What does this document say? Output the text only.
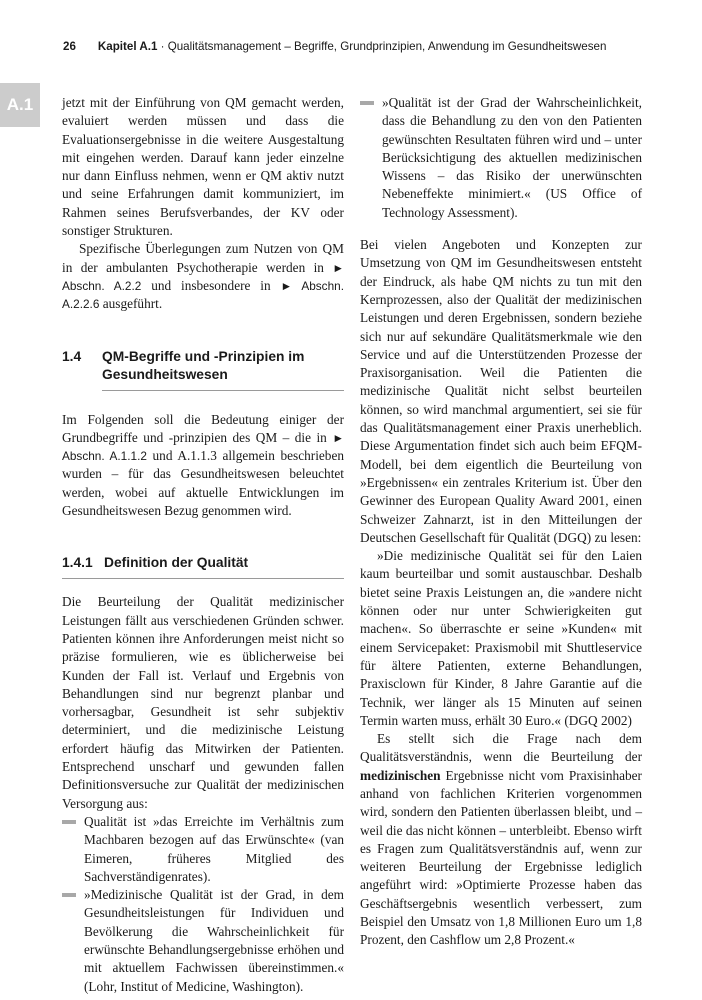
26 Kapitel A.1 · Qualitätsmanagement – Begriffe, Grundprinzipien, Anwendung im Gesundheitswesen
A.1	jetzt mit der Einführung von QM gemacht werden, evaluiert werden müssen und dass die Evaluationsergebnisse in die weitere Ausgestaltung mit eingehen werden. Darauf kann jeder einzelne nur dann Einfluss nehmen, wenn er QM aktiv nutzt und seine Erfahrungen damit kommuniziert, im Rahmen seines Berufsverbandes, der KV oder sonstiger Strukturen.

Spezifische Überlegungen zum Nutzen von QM in der ambulanten Psychotherapie werden in ► Abschn. A.2.2 und insbesondere in ► Abschn. A.2.2.6 ausgeführt.

1.4	QM-Begriffe und -Prinzipien im Gesundheitswesen

Im Folgenden soll die Bedeutung einiger der Grundbegriffe und -prinzipien des QM – die in ► Abschn. A.1.1.2 und A.1.1.3 allgemein beschrieben wurden – für das Gesundheitswesen beleuchtet werden, wobei auf aktuelle Entwicklungen im Gesundheitswesen Bezug genommen wird.

1.4.1 Definition der Qualität

Die Beurteilung der Qualität medizinischer Leistungen fällt aus verschiedenen Gründen schwer. Patienten können ihre Anforderungen meist nicht so präzise formulieren, wie es üblicherweise bei Kunden der Fall ist. Verlauf und Ergebnis von Behandlungen sind nur begrenzt planbar und vorhersagbar, Gesundheit ist sehr subjektiv determiniert, und die medizinische Leistung erfordert häufig das Mitwirken der Patienten. Entsprechend unscharf und gewunden fallen Definitionsversuche zur Qualität der medizinischen Versorgung aus:

Qualität ist »das Erreichte im Verhältnis zum Machbaren bezogen auf das Erwünschte« (van Eimeren, früheres Mitglied des Sachverständigenrates).
»Medizinische Qualität ist der Grad, in dem Gesundheitsleistungen für Individuen und Bevölkerung die Wahrscheinlichkeit für erwünschte Behandlungsergebnisse erhöhen und mit aktuellem Fachwissen übereinstimmen.« (Lohr, Institut of Medicine, Washington).
»Qualität ist der Grad der Wahrscheinlichkeit, dass die Behandlung zu den von den Patienten gewünschten Resultaten führen wird und – unter Berücksichtigung des aktuellen medizinischen Wissens – das Risiko der unerwünschten Nebeneffekte minimiert.« (US Office of Technology Assessment).

Bei vielen Angeboten und Konzepten zur Umsetzung von QM im Gesundheitswesen entsteht der Eindruck, als habe QM nichts zu tun mit den Kernprozessen, also der Qualität der medizinischen Leistungen und deren Ergebnissen, sondern beziehe sich nur auf sekundäre Qualitätsmerkmale wie den Service und auf die Unterstützenden Prozesse der Praxisorganisation. Weil die Patienten die medizinische Qualität nicht selbst beurteilen können, so wird manchmal argumentiert, sei sie für das Qualitätsmanagement einer Praxis unerheblich. Diese Argumentation findet sich auch beim EFQM-Modell, bei dem eigentlich die Beurteilung von »Ergebnissen« ein zentrales Kriterium ist. Über den Gewinner des European Quality Award 2001, einen Schweizer Zahnarzt, ist in den Mitteilungen der Deutschen Gesellschaft für Qualität (DGQ) zu lesen:

»Die medizinische Qualität sei für den Laien kaum beurteilbar und somit austauschbar. Deshalb bietet seine Praxis Leistungen an, die »andere nicht können oder nur unter Schwierigkeiten gut machen«. So überraschte er seine »Kunden« mit einem Servicepaket: Praxismobil mit Shuttleservice für ältere Patienten, externe Behandlungen, Praxisclown für Kinder, 8 Jahre Garantie auf die Technik, wer länger als 15 Minuten auf seinen Termin warten muss, erhält 30 Euro.« (DGQ 2002)

Es stellt sich die Frage nach dem Qualitätsverständnis, wenn die Beurteilung der medizinischen Ergebnisse nicht vom Praxisinhaber anhand von fachlichen Kriterien vorgenommen wird, sondern den Patienten überlassen bleibt, und – weil die das nicht können – unterbleibt. Ebenso wirft es Fragen zum Qualitätsverständnis auf, wenn zur weiteren Beurteilung der Ergebnisse lediglich angeführt wird: »Optimierte Prozesse haben das Geschäftsergebnis wesentlich verbessert, zum Beispiel den Umsatz von 1,8 Millionen Euro um 1,8 Prozent, den Cashflow um 2,8 Prozent.«
